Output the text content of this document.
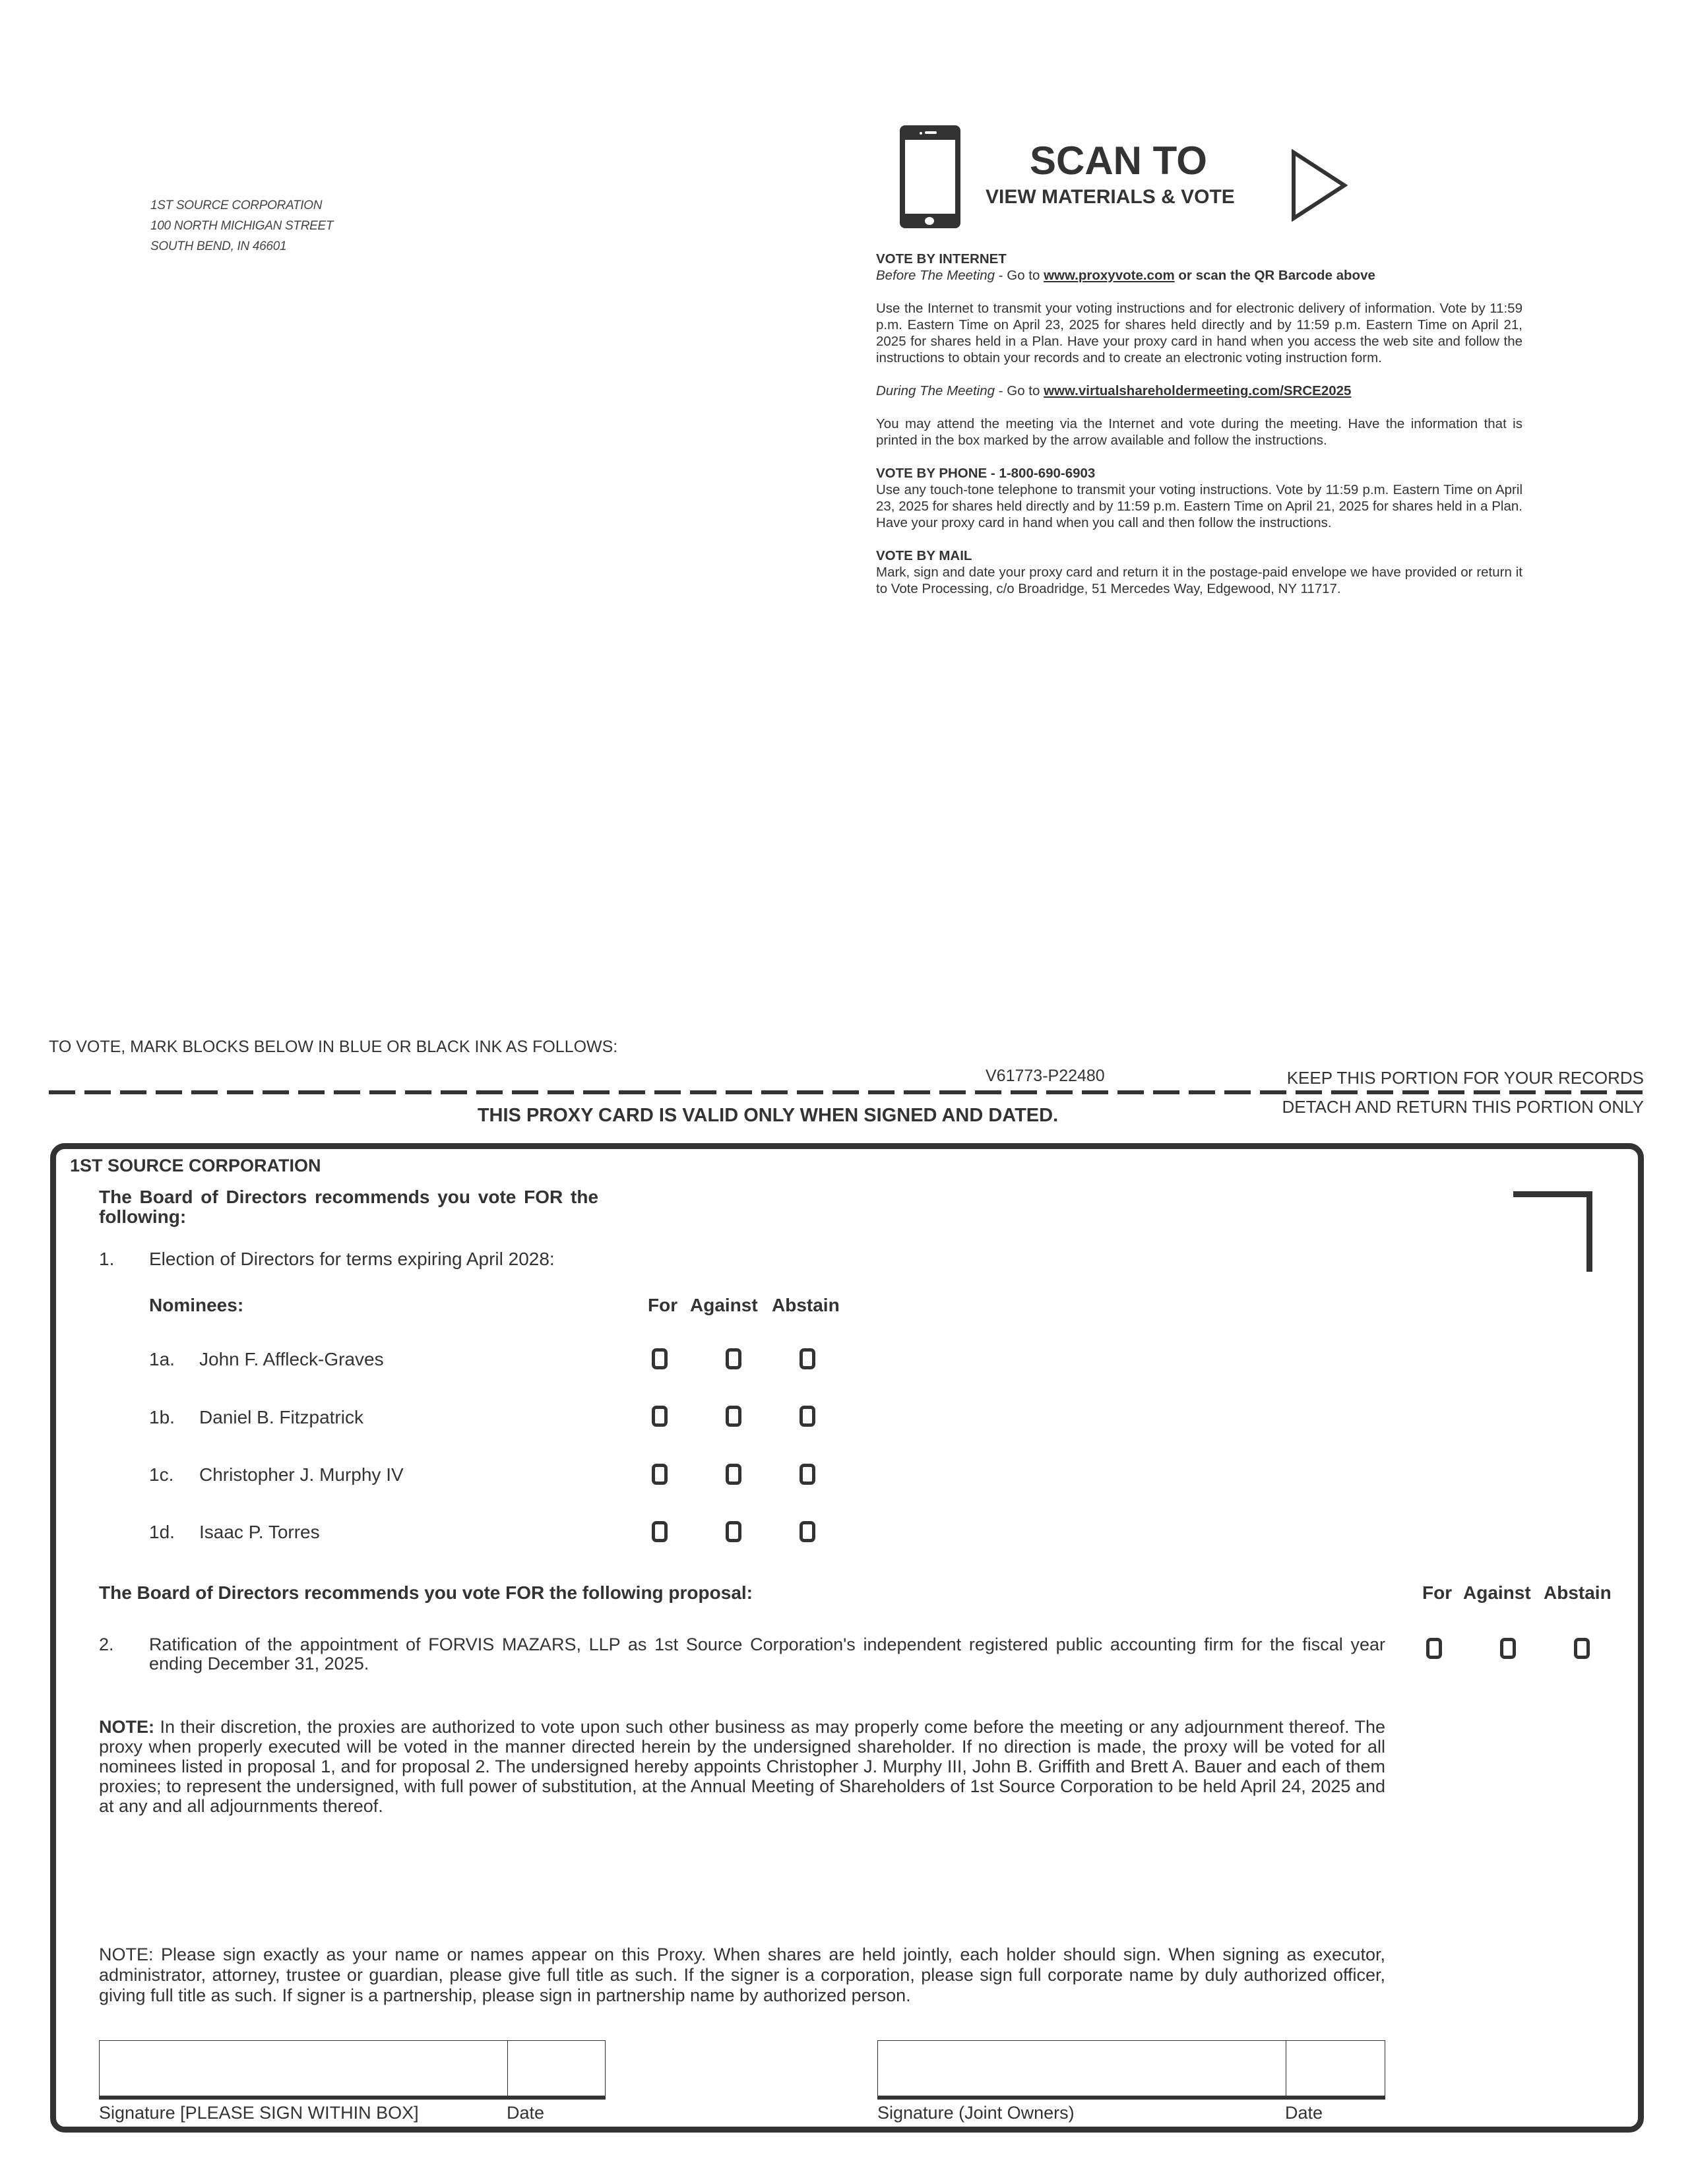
1ST SOURCE CORPORATION
100 NORTH MICHIGAN STREET
SOUTH BEND, IN 46601
SCAN TO
VIEW MATERIALS & VOTE

VOTE BY INTERNET
Before The Meeting - Go to www.proxyvote.com or scan the QR Barcode above

Use the Internet to transmit your voting instructions and for electronic delivery of information. Vote by 11:59 p.m. Eastern Time on April 23, 2025 for shares held directly and by 11:59 p.m. Eastern Time on April 21, 2025 for shares held in a Plan. Have your proxy card in hand when you access the web site and follow the instructions to obtain your records and to create an electronic voting instruction form.

During The Meeting - Go to www.virtualshareholdermeeting.com/SRCE2025

You may attend the meeting via the Internet and vote during the meeting. Have the information that is printed in the box marked by the arrow available and follow the instructions.

VOTE BY PHONE - 1-800-690-6903
Use any touch-tone telephone to transmit your voting instructions. Vote by 11:59 p.m. Eastern Time on April 23, 2025 for shares held directly and by 11:59 p.m. Eastern Time on April 21, 2025 for shares held in a Plan. Have your proxy card in hand when you call and then follow the instructions.

VOTE BY MAIL
Mark, sign and date your proxy card and return it in the postage-paid envelope we have provided or return it to Vote Processing, c/o Broadridge, 51 Mercedes Way, Edgewood, NY 11717.

TO VOTE, MARK BLOCKS BELOW IN BLUE OR BLACK INK AS FOLLOWS:
V61773-P22480	KEEP THIS PORTION FOR YOUR RECORDS
DETACH AND RETURN THIS PORTION ONLY
THIS PROXY CARD IS VALID ONLY WHEN SIGNED AND DATED.
1ST SOURCE CORPORATION
The Board of Directors recommends you vote FOR the following:
1. Election of Directors for terms expiring April 2028:
Nominees:	For Against Abstain
1a. John F. Affleck-Graves
1b. Daniel B. Fitzpatrick
1c. Christopher J. Murphy IV
1d. Isaac P. Torres
The Board of Directors recommends you vote FOR the following proposal:	For Against Abstain
2. Ratification of the appointment of FORVIS MAZARS, LLP as 1st Source Corporation's independent registered public accounting firm for the fiscal year ending December 31, 2025.
NOTE: In their discretion, the proxies are authorized to vote upon such other business as may properly come before the meeting or any adjournment thereof. The proxy when properly executed will be voted in the manner directed herein by the undersigned shareholder. If no direction is made, the proxy will be voted for all nominees listed in proposal 1, and for proposal 2. The undersigned hereby appoints Christopher J. Murphy III, John B. Griffith and Brett A. Bauer and each of them proxies; to represent the undersigned, with full power of substitution, at the Annual Meeting of Shareholders of 1st Source Corporation to be held April 24, 2025 and at any and all adjournments thereof.
NOTE: Please sign exactly as your name or names appear on this Proxy. When shares are held jointly, each holder should sign. When signing as executor, administrator, attorney, trustee or guardian, please give full title as such. If the signer is a corporation, please sign full corporate name by duly authorized officer, giving full title as such. If signer is a partnership, please sign in partnership name by authorized person.
Signature [PLEASE SIGN WITHIN BOX]	Date	Signature (Joint Owners)	Date
